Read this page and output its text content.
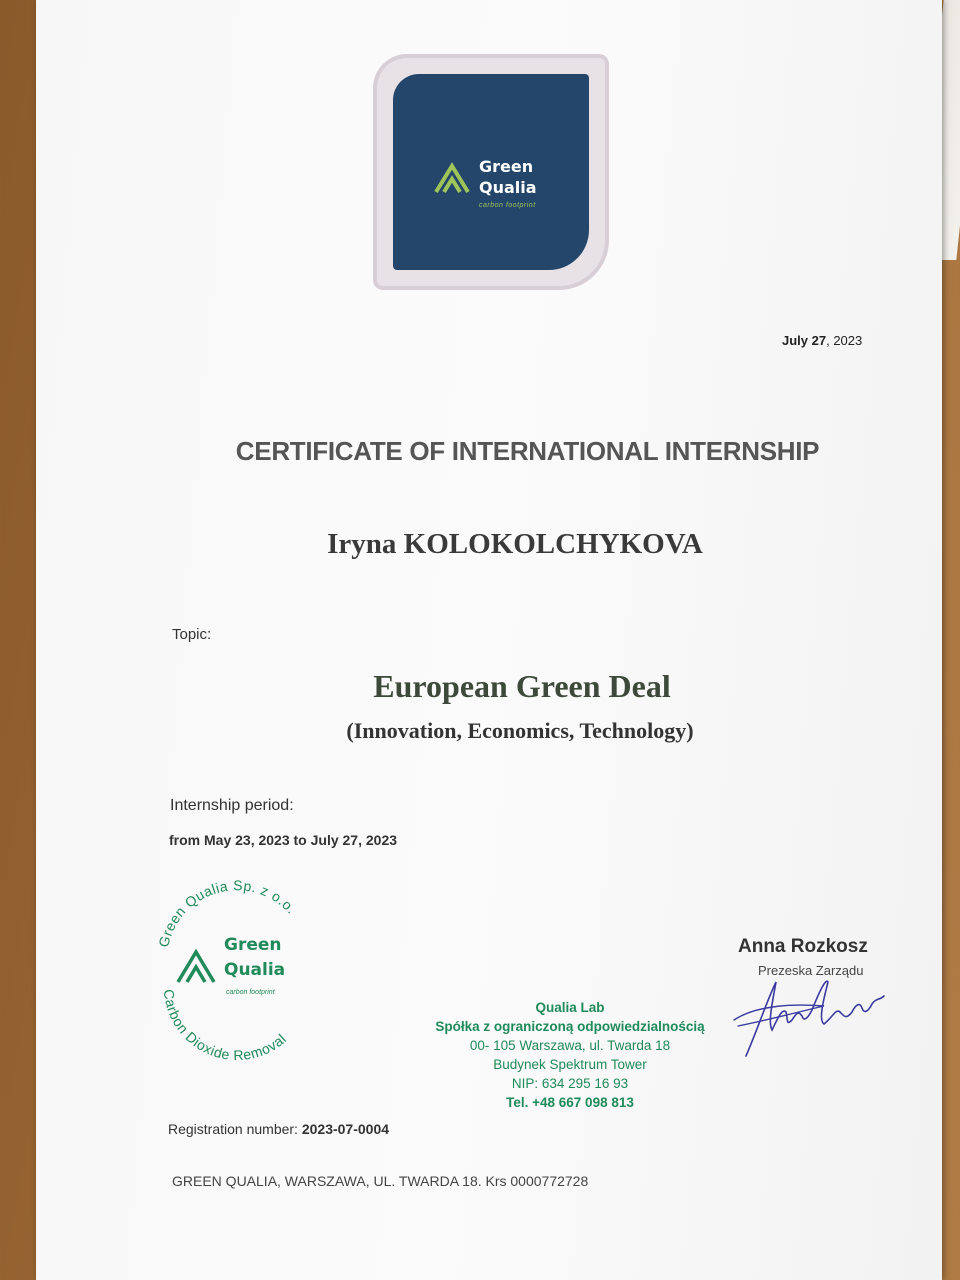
Green
Qualia
carbon footprint
July 27, 2023
CERTIFICATE OF INTERNATIONAL INTERNSHIP
Iryna KOLOKOLCHYKOVA
Topic:
European Green Deal
(Innovation, Economics, Technology)
Internship period:
from May 23, 2023 to July 27, 2023
Green Qualia Sp. z o.o.
Carbon Dioxide Removal
Green
Qualia
carbon footprint
Anna Rozkosz
Prezeska Zarządu
Qualia Lab
Spółka z ograniczoną odpowiedzialnością
00- 105 Warszawa, ul. Twarda 18
Budynek Spektrum Tower
NIP: 634 295 16 93
Tel. +48 667 098 813
Registration number: 2023-07-0004
GREEN QUALIA, WARSZAWA, UL. TWARDA 18. Krs 0000772728
